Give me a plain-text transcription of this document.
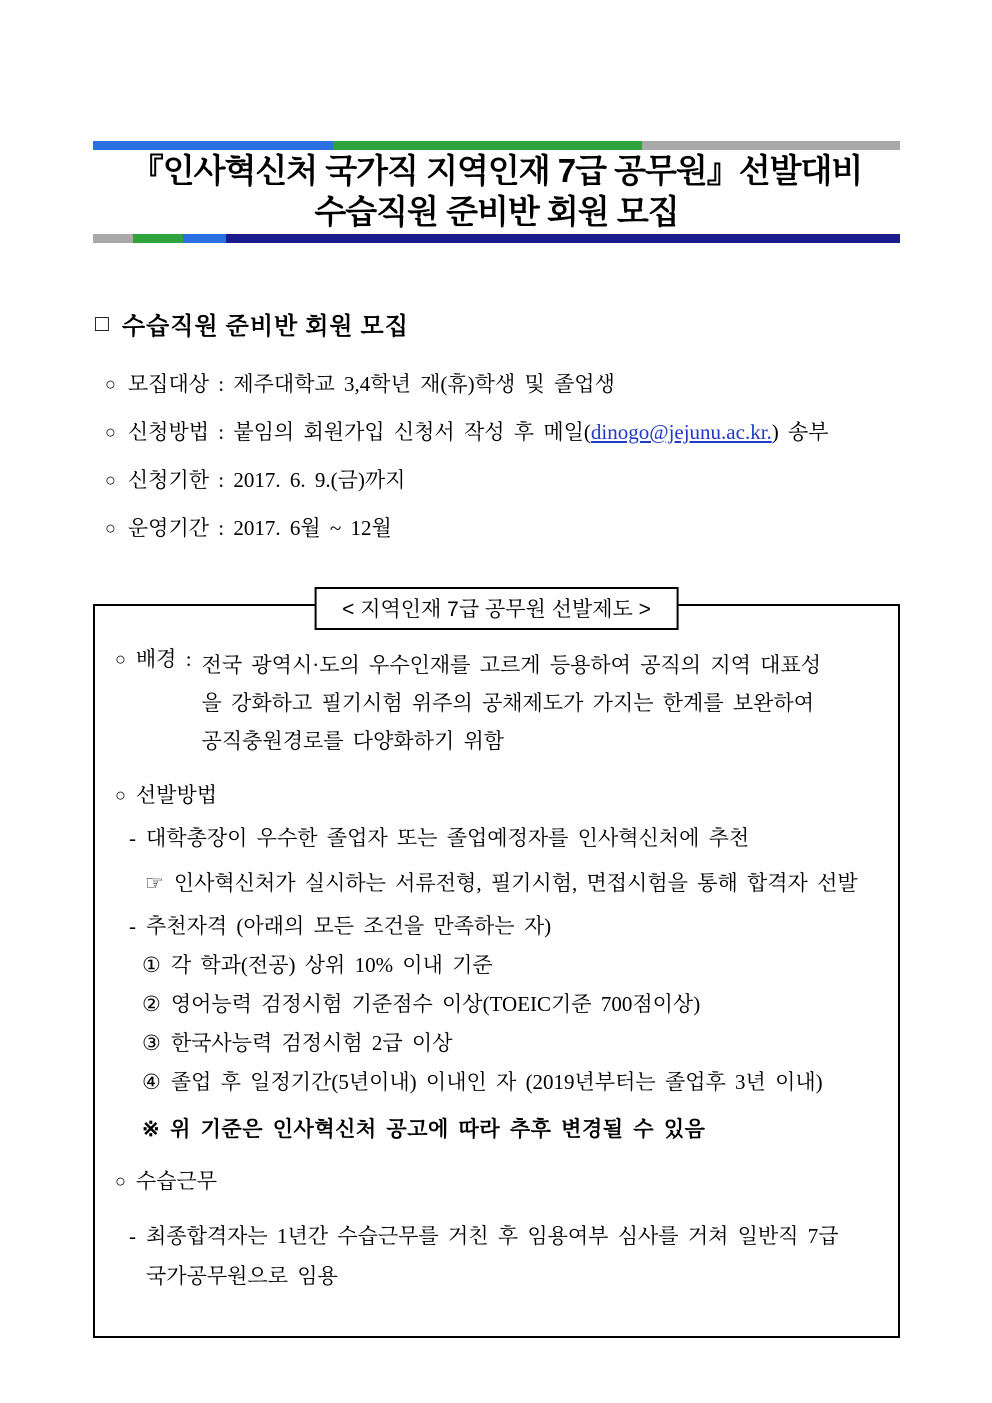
『인사혁신처 국가직 지역인재 7급 공무원』선발대비
수습직원 준비반 회원 모집
□ 수습직원 준비반 회원 모집
○ 모집대상 : 제주대학교 3,4학년 재(휴)학생 및 졸업생
○ 신청방법 : 붙임의 회원가입 신청서 작성 후 메일(dinogo@jejunu.ac.kr.) 송부
○ 신청기한 : 2017. 6. 9.(금)까지
○ 운영기간 : 2017. 6월 ~ 12월
< 지역인재 7급 공무원 선발제도 >
○ 배경 : 전국 광역시·도의 우수인재를 고르게 등용하여 공직의 지역 대표성
을 강화하고 필기시험 위주의 공채제도가 가지는 한계를 보완하여
공직충원경로를 다양화하기 위함
○ 선발방법
- 대학총장이 우수한 졸업자 또는 졸업예정자를 인사혁신처에 추천
☞ 인사혁신처가 실시하는 서류전형, 필기시험, 면접시험을 통해 합격자 선발
- 추천자격 (아래의 모든 조건을 만족하는 자)
① 각 학과(전공) 상위 10% 이내 기준
② 영어능력 검정시험 기준점수 이상(TOEIC기준 700점이상)
③ 한국사능력 검정시험 2급 이상
④ 졸업 후 일정기간(5년이내) 이내인 자 (2019년부터는 졸업후 3년 이내)
※ 위 기준은 인사혁신처 공고에 따라 추후 변경될 수 있음
○ 수습근무
- 최종합격자는 1년간 수습근무를 거친 후 임용여부 심사를 거쳐 일반직 7급
국가공무원으로 임용
